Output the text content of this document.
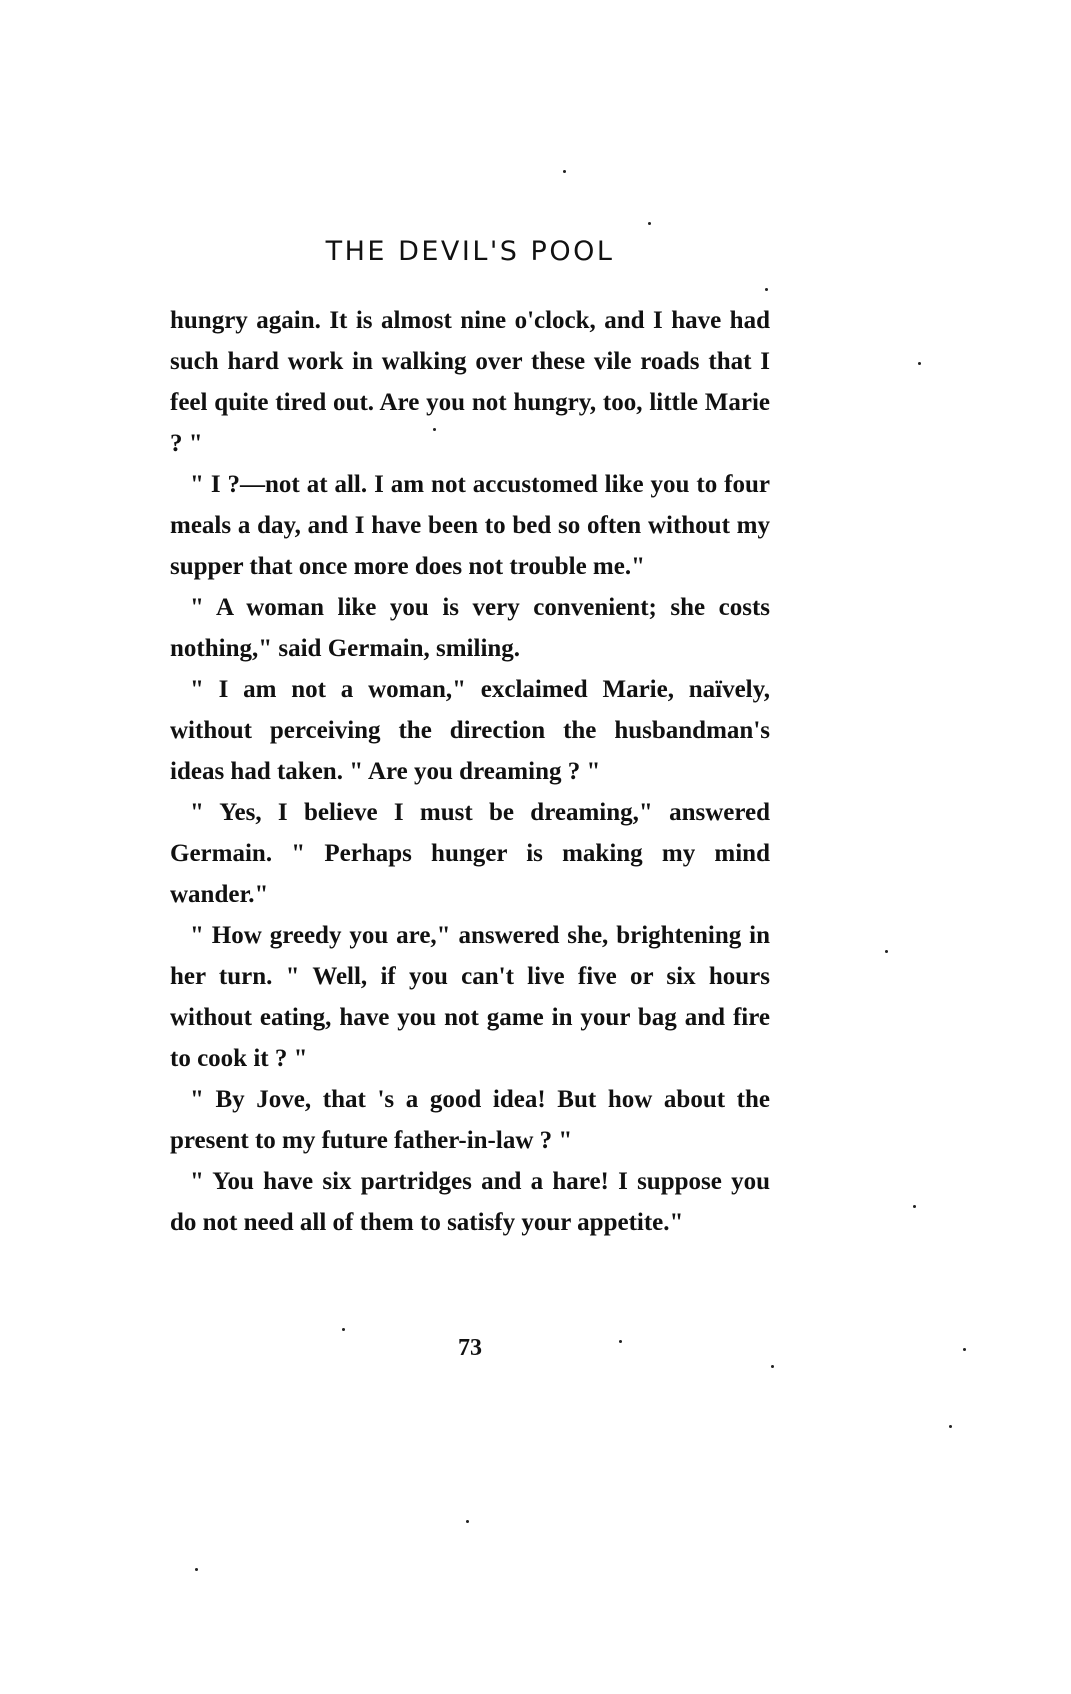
THE DEVIL'S POOL

hungry again. It is almost nine o'clock, and I have had such hard work in walking over these vile roads that I feel quite tired out. Are you not hungry, too, little Marie ? "

" I ?—not at all. I am not accustomed like you to four meals a day, and I have been to bed so often without my supper that once more does not trouble me."

" A woman like you is very convenient; she costs nothing," said Germain, smiling.

" I am not a woman," exclaimed Marie, naïvely, without perceiving the direction the husbandman's ideas had taken. " Are you dreaming ? "

" Yes, I believe I must be dreaming," answered Germain. " Perhaps hunger is making my mind wander."

" How greedy you are," answered she, brightening in her turn. " Well, if you can't live five or six hours without eating, have you not game in your bag and fire to cook it ? "

" By Jove, that 's a good idea! But how about the present to my future father-in-law ? "

" You have six partridges and a hare! I suppose you do not need all of them to satisfy your appetite."

73
